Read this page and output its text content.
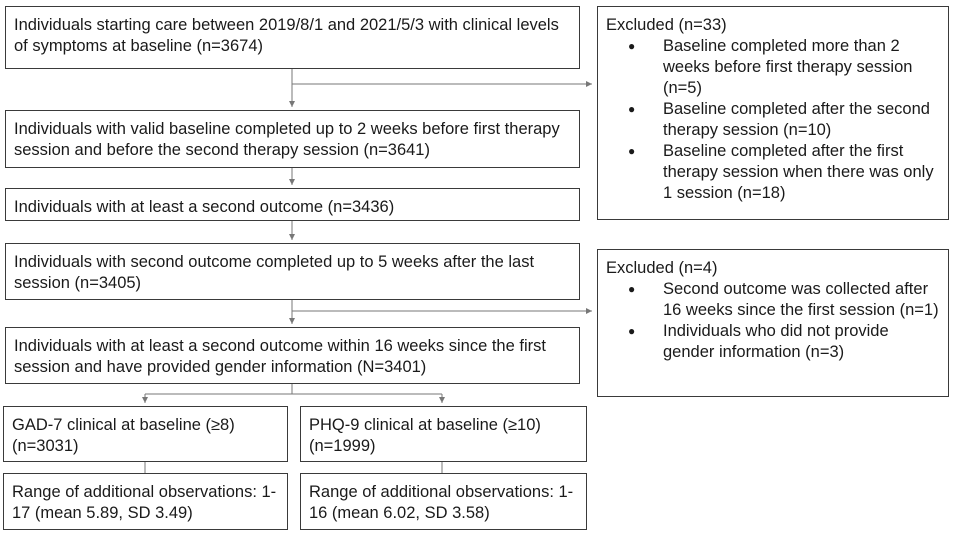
Individuals starting care between 2019/8/1 and 2021/5/3 with clinical levels of symptoms at baseline (n=3674)

Individuals with valid baseline completed up to 2 weeks before first therapy session and before the second therapy session (n=3641)

Individuals with at least a second outcome (n=3436)

Individuals with second outcome completed up to 5 weeks after the last session (n=3405)

Individuals with at least a second outcome within 16 weeks since the first session and have provided gender information (N=3401)

GAD-7 clinical at baseline (≥8) (n=3031)

PHQ-9 clinical at baseline (≥10) (n=1999)

Range of additional observations: 1-17 (mean 5.89, SD 3.49)

Range of additional observations: 1-16 (mean 6.02, SD 3.58)

Excluded (n=33)

● Baseline completed more than 2 weeks before first therapy session (n=5)
● Baseline completed after the second therapy session (n=10)
● Baseline completed after the first therapy session when there was only 1 session (n=18)

Excluded (n=4)

● Second outcome was collected after 16 weeks since the first session (n=1)
● Individuals who did not provide gender information (n=3)
